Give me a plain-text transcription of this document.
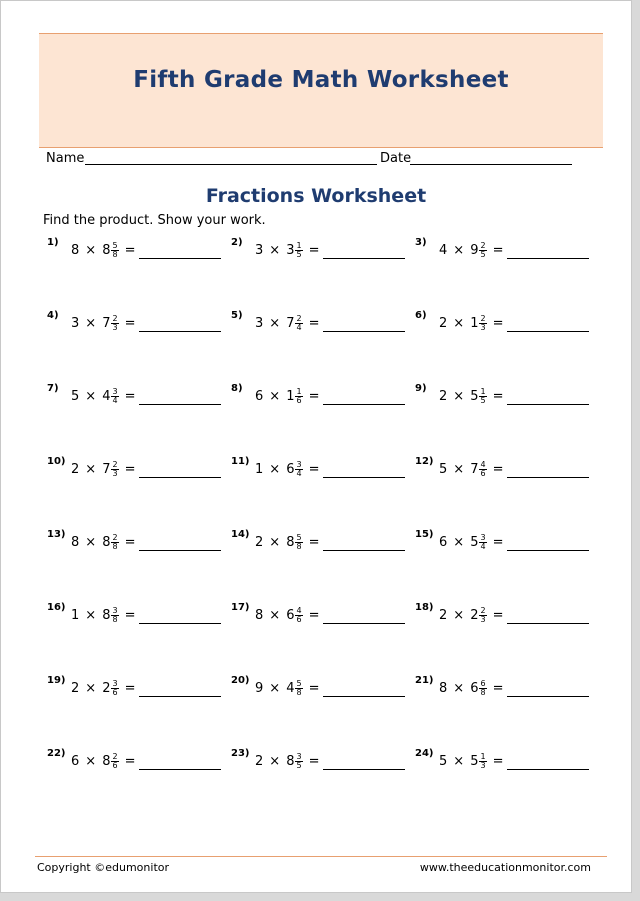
Fifth Grade Math Worksheet
Name	Date
Fractions Worksheet
Find the product. Show your work.
1) $8 \times 8 \frac{5}{8}$ =	2) $3 \times 3 \frac{1}{5}$ =	3) $4 \times 9 \frac{2}{5}$ =
4) $3 \times 7 \frac{2}{3}$ =	5) $3 \times 7 \frac{2}{4}$ =	6) $2 \times 1 \frac{2}{3}$ =
7) $5 \times 4 \frac{3}{4}$ =	8) $6 \times 1 \frac{1}{6}$ =	9) $2 \times 5 \frac{1}{5}$ =
10) $2 \times 7 \frac{2}{3}$ =	11) $1 \times 6 \frac{3}{4}$ =	12) $5 \times 7 \frac{4}{6}$ =
13) $8 \times 8 \frac{2}{8}$ =	14) $2 \times 8 \frac{5}{8}$ =	15) $6 \times 5 \frac{3}{4}$ =
16) $1 \times 8 \frac{3}{8}$ =	17) $8 \times 6 \frac{4}{6}$ =	18) $2 \times 2 \frac{2}{3}$ =
19) $2 \times 2 \frac{3}{6}$ =	20) $9 \times 4 \frac{5}{8}$ =	21) $8 \times 6 \frac{6}{8}$ =
22) $6 \times 8 \frac{2}{6}$ =	23) $2 \times 8 \frac{3}{5}$ =	24) $5 \times 5 \frac{1}{3}$ =
Copyright ©edumonitor	www.theeducationmonitor.com
